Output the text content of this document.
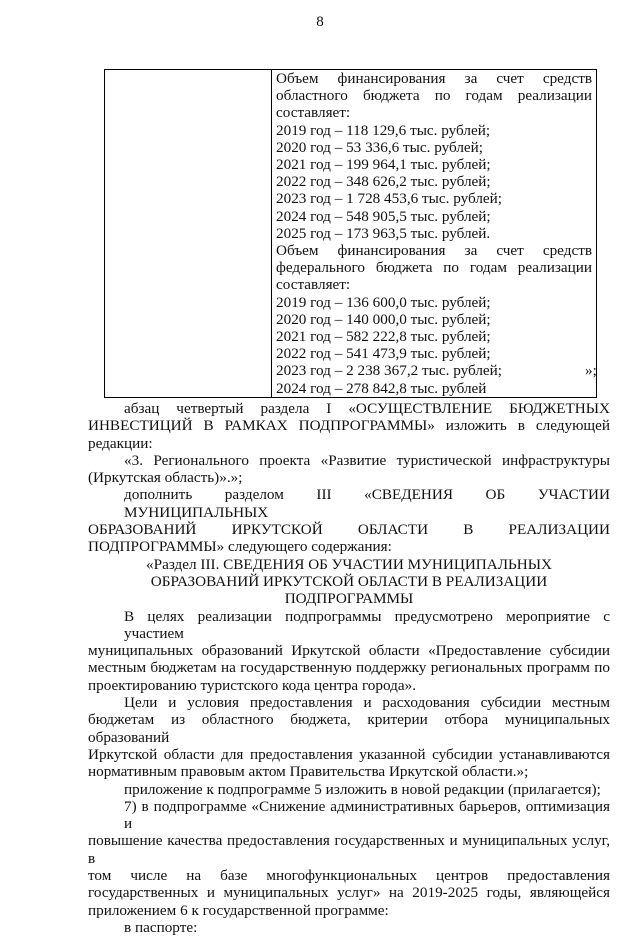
8

Объем финансирования за счет средств
областного бюджета по годам реализации
составляет:
2019 год – 118 129,6 тыс. рублей;
2020 год – 53 336,6 тыс. рублей;
2021 год – 199 964,1 тыс. рублей;
2022 год – 348 626,2 тыс. рублей;
2023 год – 1 728 453,6 тыс. рублей;
2024 год – 548 905,5 тыс. рублей;
2025 год – 173 963,5 тыс. рублей.
Объем финансирования за счет средств
федерального бюджета по годам реализации
составляет:
2019 год – 136 600,0 тыс. рублей;
2020 год – 140 000,0 тыс. рублей;
2021 год – 582 222,8 тыс. рублей;
2022 год – 541 473,9 тыс. рублей;
2023 год – 2 238 367,2 тыс. рублей;
2024 год – 278 842,8 тыс. рублей
»;
абзац четвертый раздела I «ОСУЩЕСТВЛЕНИЕ БЮДЖЕТНЫХ
ИНВЕСТИЦИЙ В РАМКАХ ПОДПРОГРАММЫ» изложить в следующей
редакции:
«3. Регионального проекта «Развитие туристической инфраструктуры
(Иркутская область)».»;
дополнить разделом III «СВЕДЕНИЯ ОБ УЧАСТИИ МУНИЦИПАЛЬНЫХ
ОБРАЗОВАНИЙ ИРКУТСКОЙ ОБЛАСТИ В РЕАЛИЗАЦИИ
ПОДПРОГРАММЫ» следующего содержания:
«Раздел III. СВЕДЕНИЯ ОБ УЧАСТИИ МУНИЦИПАЛЬНЫХ
ОБРАЗОВАНИЙ ИРКУТСКОЙ ОБЛАСТИ В РЕАЛИЗАЦИИ
ПОДПРОГРАММЫ
В целях реализации подпрограммы предусмотрено мероприятие с участием
муниципальных образований Иркутской области «Предоставление субсидии
местным бюджетам на государственную поддержку региональных программ по
проектированию туристского кода центра города».
Цели и условия предоставления и расходования субсидии местным
бюджетам из областного бюджета, критерии отбора муниципальных образований
Иркутской области для предоставления указанной субсидии устанавливаются
нормативным правовым актом Правительства Иркутской области.»;
приложение к подпрограмме 5 изложить в новой редакции (прилагается);
7) в подпрограмме «Снижение административных барьеров, оптимизация и
повышение качества предоставления государственных и муниципальных услуг, в
том числе на базе многофункциональных центров предоставления
государственных и муниципальных услуг» на 2019-2025 годы, являющейся
приложением 6 к государственной программе:
в паспорте:
